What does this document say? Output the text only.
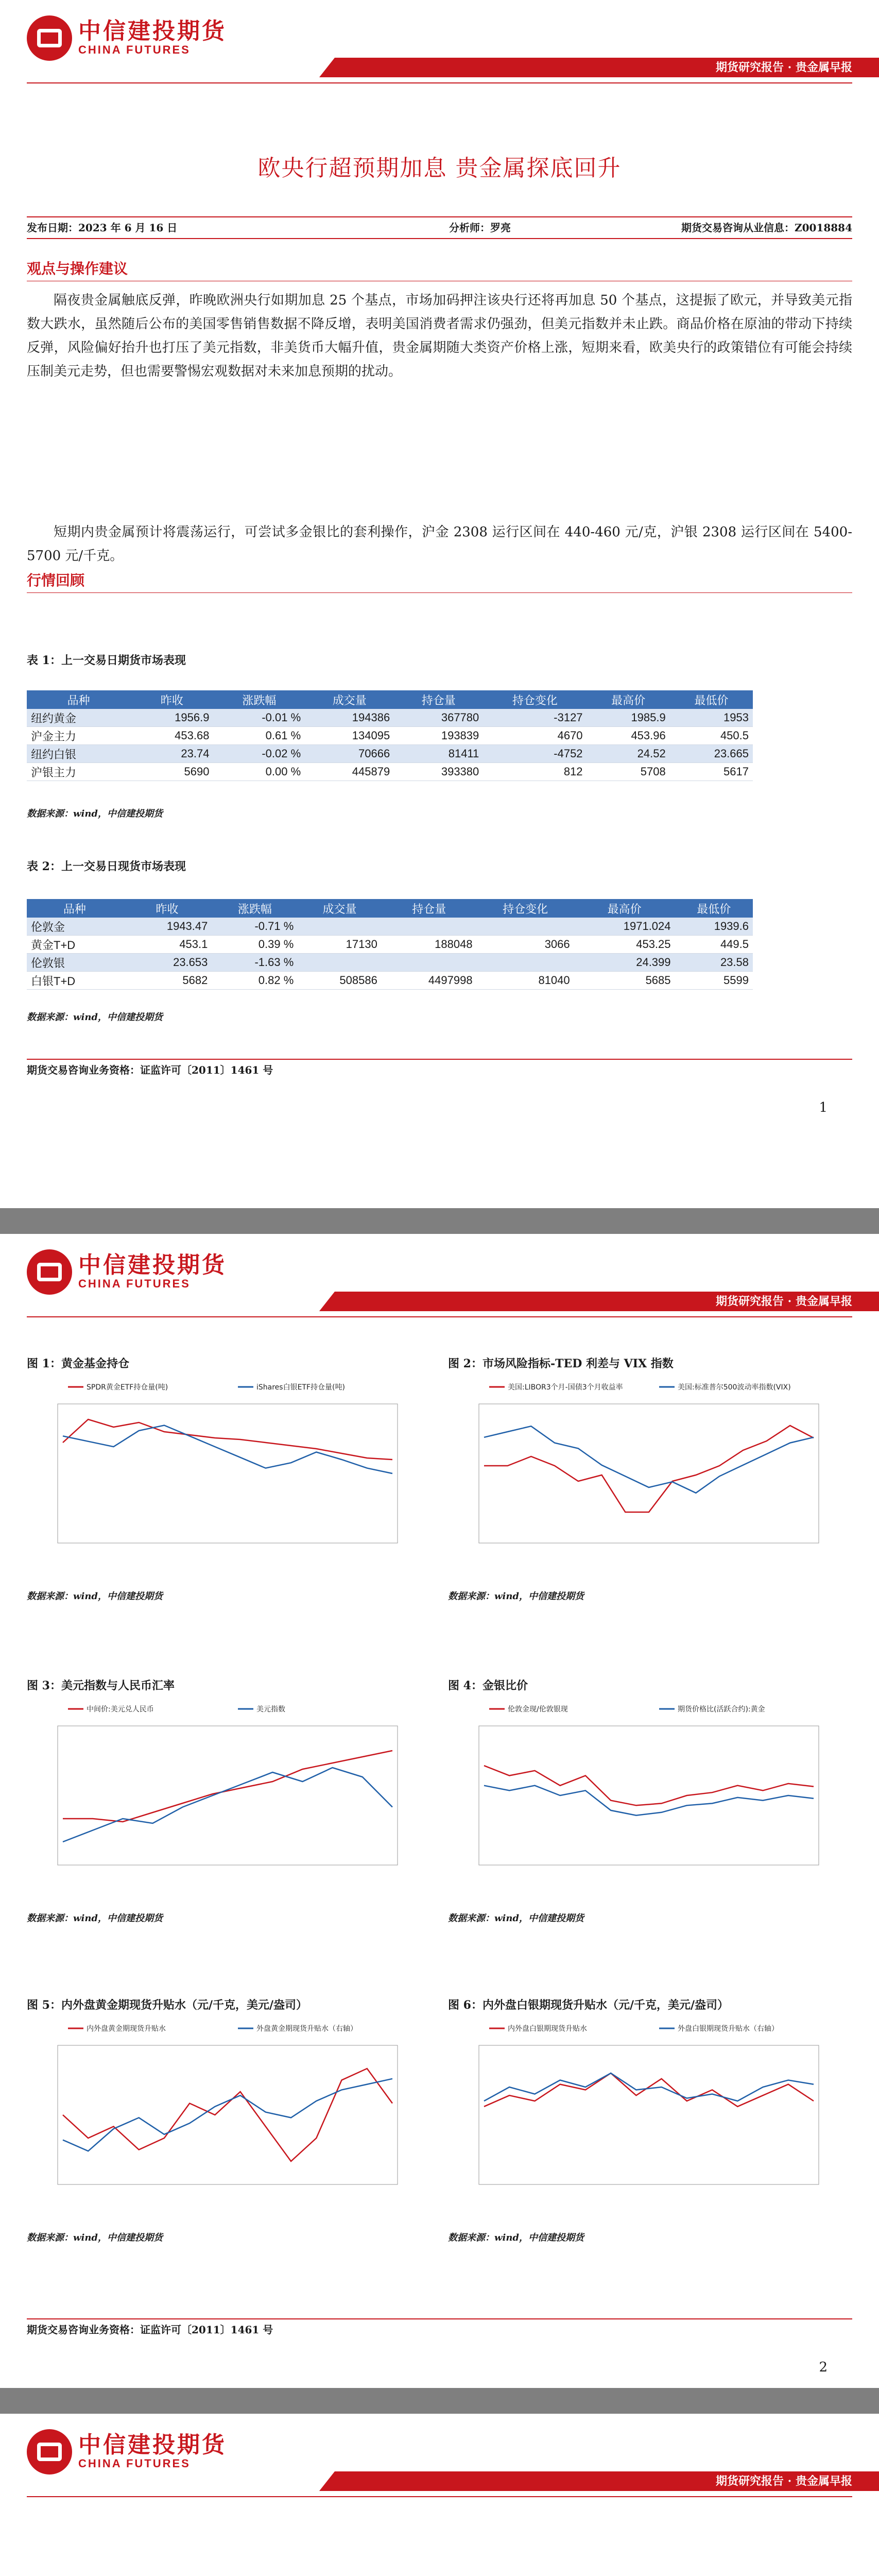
中信建投期货
CHINA FUTURES
期货研究报告 · 贵金属早报
欧央行超预期加息 贵金属探底回升
发布日期：2023 年 6 月 16 日	分析师：罗亮	期货交易咨询从业信息：Z0018884
观点与操作建议
隔夜贵金属触底反弹，昨晚欧洲央行如期加息 25 个基点，市场加码押注该央行还将再加息 50 个基点，这提振了欧元，并导致美元指数大跌水，虽然随后公布的美国零售销售数据不降反增，表明美国消费者需求仍强劲，但美元指数并未止跌。商品价格在原油的带动下持续反弹，风险偏好抬升也打压了美元指数，非美货币大幅升值，贵金属期随大类资产价格上涨，短期来看，欧美央行的政策错位有可能会持续压制美元走势，但也需要警惕宏观数据对未来加息预期的扰动。
短期内贵金属预计将震荡运行，可尝试多金银比的套利操作，沪金 2308 运行区间在 440-460 元/克，沪银 2308 运行区间在 5400-5700 元/千克。
行情回顾
表 1：上一交易日期货市场表现
品种	昨收	涨跌幅	成交量	持仓量	持仓变化	最高价	最低价
纽约黄金	1956.9	-0.01 %	194386	367780	-3127	1985.9	1953
沪金主力	453.68	0.61 %	134095	193839	4670	453.96	450.5
纽约白银	23.74	-0.02 %	70666	81411	-4752	24.52	23.665
沪银主力	5690	0.00 %	445879	393380	812	5708	5617
数据来源：wind，中信建投期货
表 2：上一交易日现货市场表现
品种	昨收	涨跌幅	成交量	持仓量	持仓变化	最高价	最低价
伦敦金	1943.47	-0.71 %				1971.024	1939.6
黄金T+D	453.1	0.39 %	17130	188048	3066	453.25	449.5
伦敦银	23.653	-1.63 %				24.399	23.58
白银T+D	5682	0.82 %	508586	4497998	81040	5685	5599
数据来源：wind，中信建投期货
期货交易咨询业务资格：证监许可〔2011〕1461 号
1
中信建投期货
CHINA FUTURES
期货研究报告 · 贵金属早报
图 1：黄金基金持仓
SPDR黄金ETF持仓量(吨)	iShares白银ETF持仓量(吨)
数据来源：wind，中信建投期货
图 2：市场风险指标-TED 利差与 VIX 指数
美国:LIBOR3个月-国债3个月收益率	美国:标准普尔500波动率指数(VIX)
数据来源：wind，中信建投期货
图 3：美元指数与人民币汇率
中间价:美元兑人民币	美元指数
数据来源：wind，中信建投期货
图 4：金银比价
伦敦金现/伦敦银现	期货价格比(活跃合约):黄金
数据来源：wind，中信建投期货
图 5：内外盘黄金期现货升贴水（元/千克，美元/盎司）
内外盘黄金期现货升贴水	外盘黄金期现货升贴水（右轴）
数据来源：wind，中信建投期货
图 6：内外盘白银期现货升贴水（元/千克，美元/盎司）
内外盘白银期现货升贴水	外盘白银期现货升贴水（右轴）
数据来源：wind，中信建投期货
期货交易咨询业务资格：证监许可〔2011〕1461 号
2
中信建投期货
CHINA FUTURES
期货研究报告 · 贵金属早报
